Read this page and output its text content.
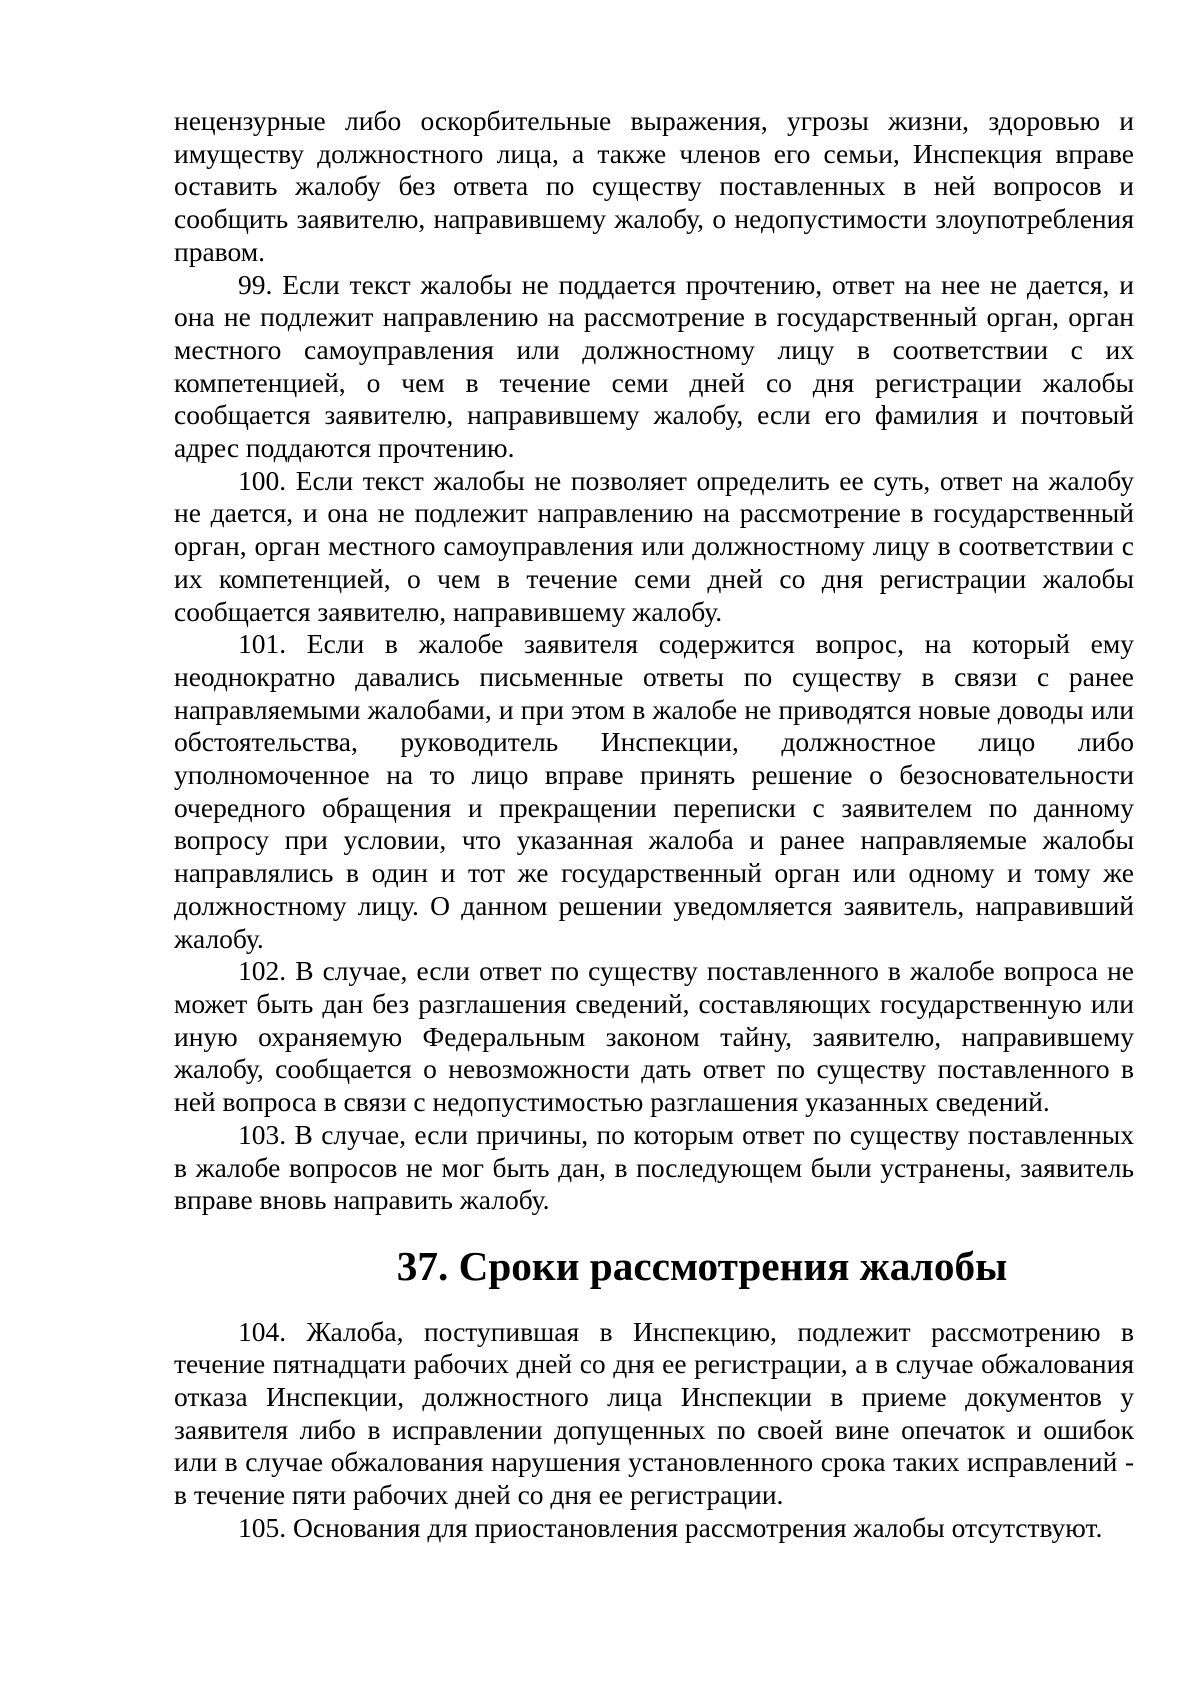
нецензурные либо оскорбительные выражения, угрозы жизни, здоровью и имуществу должностного лица, а также членов его семьи, Инспекция вправе оставить жалобу без ответа по существу поставленных в ней вопросов и сообщить заявителю, направившему жалобу, о недопустимости злоупотребления правом.

99. Если текст жалобы не поддается прочтению, ответ на нее не дается, и она не подлежит направлению на рассмотрение в государственный орган, орган местного самоуправления или должностному лицу в соответствии с их компетенцией, о чем в течение семи дней со дня регистрации жалобы сообщается заявителю, направившему жалобу, если его фамилия и почтовый адрес поддаются прочтению.

100. Если текст жалобы не позволяет определить ее суть, ответ на жалобу не дается, и она не подлежит направлению на рассмотрение в государственный орган, орган местного самоуправления или должностному лицу в соответствии с их компетенцией, о чем в течение семи дней со дня регистрации жалобы сообщается заявителю, направившему жалобу.

101. Если в жалобе заявителя содержится вопрос, на который ему неоднократно давались письменные ответы по существу в связи с ранее направляемыми жалобами, и при этом в жалобе не приводятся новые доводы или обстоятельства, руководитель Инспекции, должностное лицо либо уполномоченное на то лицо вправе принять решение о безосновательности очередного обращения и прекращении переписки с заявителем по данному вопросу при условии, что указанная жалоба и ранее направляемые жалобы направлялись в один и тот же государственный орган или одному и тому же должностному лицу. О данном решении уведомляется заявитель, направивший жалобу.

102. В случае, если ответ по существу поставленного в жалобе вопроса не может быть дан без разглашения сведений, составляющих государственную или иную охраняемую Федеральным законом тайну, заявителю, направившему жалобу, сообщается о невозможности дать ответ по существу поставленного в ней вопроса в связи с недопустимостью разглашения указанных сведений.

103. В случае, если причины, по которым ответ по существу поставленных в жалобе вопросов не мог быть дан, в последующем были устранены, заявитель вправе вновь направить жалобу.

37. Сроки рассмотрения жалобы

104. Жалоба, поступившая в Инспекцию, подлежит рассмотрению в течение пятнадцати рабочих дней со дня ее регистрации, а в случае обжалования отказа Инспекции, должностного лица Инспекции в приеме документов у заявителя либо в исправлении допущенных по своей вине опечаток и ошибок или в случае обжалования нарушения установленного срока таких исправлений - в течение пяти рабочих дней со дня ее регистрации.

105. Основания для приостановления рассмотрения жалобы отсутствуют.
